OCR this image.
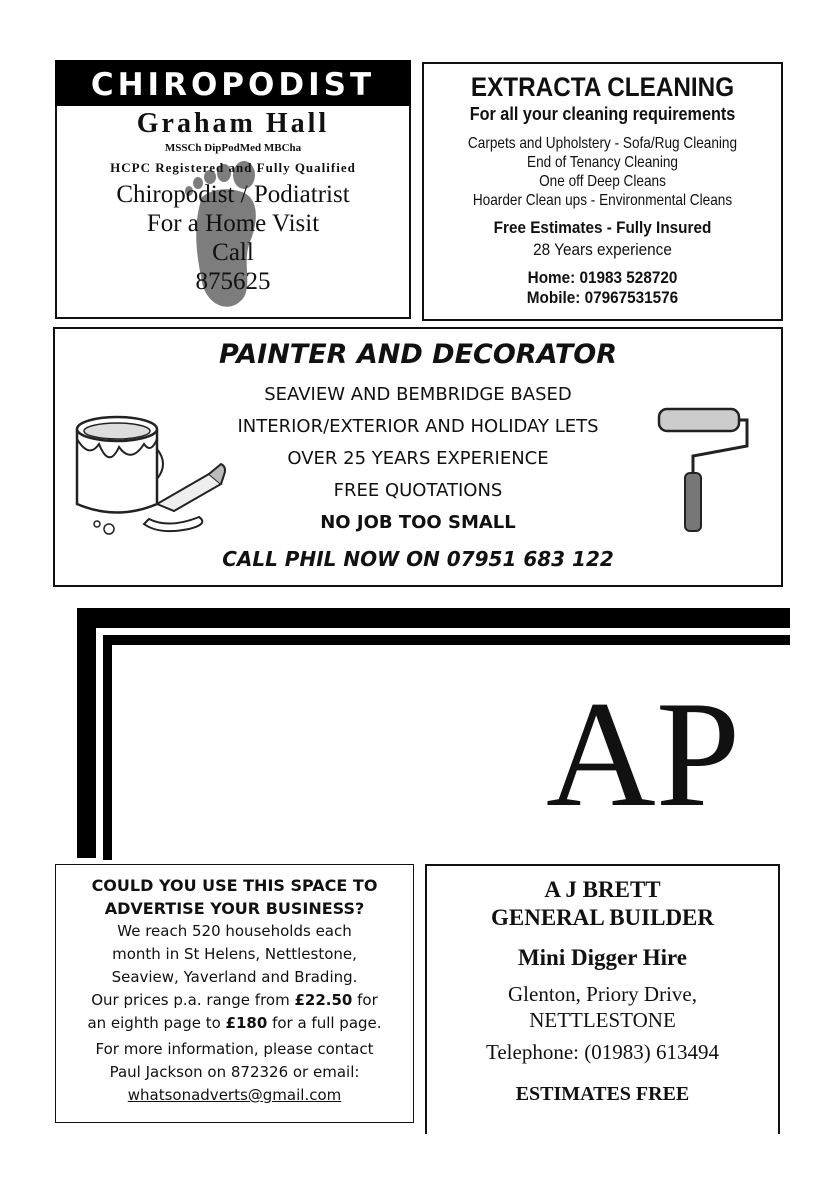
CHIROPODIST
Graham Hall
MSSCh DipPodMed MBCha
HCPC Registered and Fully Qualified
Chiropodist / Podiatrist
For a Home Visit
Call
875625
EXTRACTA CLEANING
For all your cleaning requirements
Carpets and Upholstery - Sofa/Rug Cleaning
End of Tenancy Cleaning
One off Deep Cleans
Hoarder Clean ups - Environmental Cleans
Free Estimates - Fully Insured
28 Years experience
Home: 01983 528720
Mobile: 07967531576
PAINTER AND DECORATOR
SEAVIEW AND BEMBRIDGE BASED
INTERIOR/EXTERIOR AND HOLIDAY LETS
OVER 25 YEARS EXPERIENCE
FREE QUOTATIONS
NO JOB TOO SMALL
CALL PHIL NOW ON 07951 683 122
AP
COULD YOU USE THIS SPACE TO
ADVERTISE YOUR BUSINESS?
We reach 520 households each
month in St Helens, Nettlestone,
Seaview, Yaverland and Brading.
Our prices p.a. range from £22.50 for
an eighth page to £180 for a full page.
For more information, please contact
Paul Jackson on 872326 or email:
whatsonadverts@gmail.com
A J BRETT
GENERAL BUILDER
Mini Digger Hire
Glenton, Priory Drive,
NETTLESTONE
Telephone: (01983) 613494
ESTIMATES FREE
